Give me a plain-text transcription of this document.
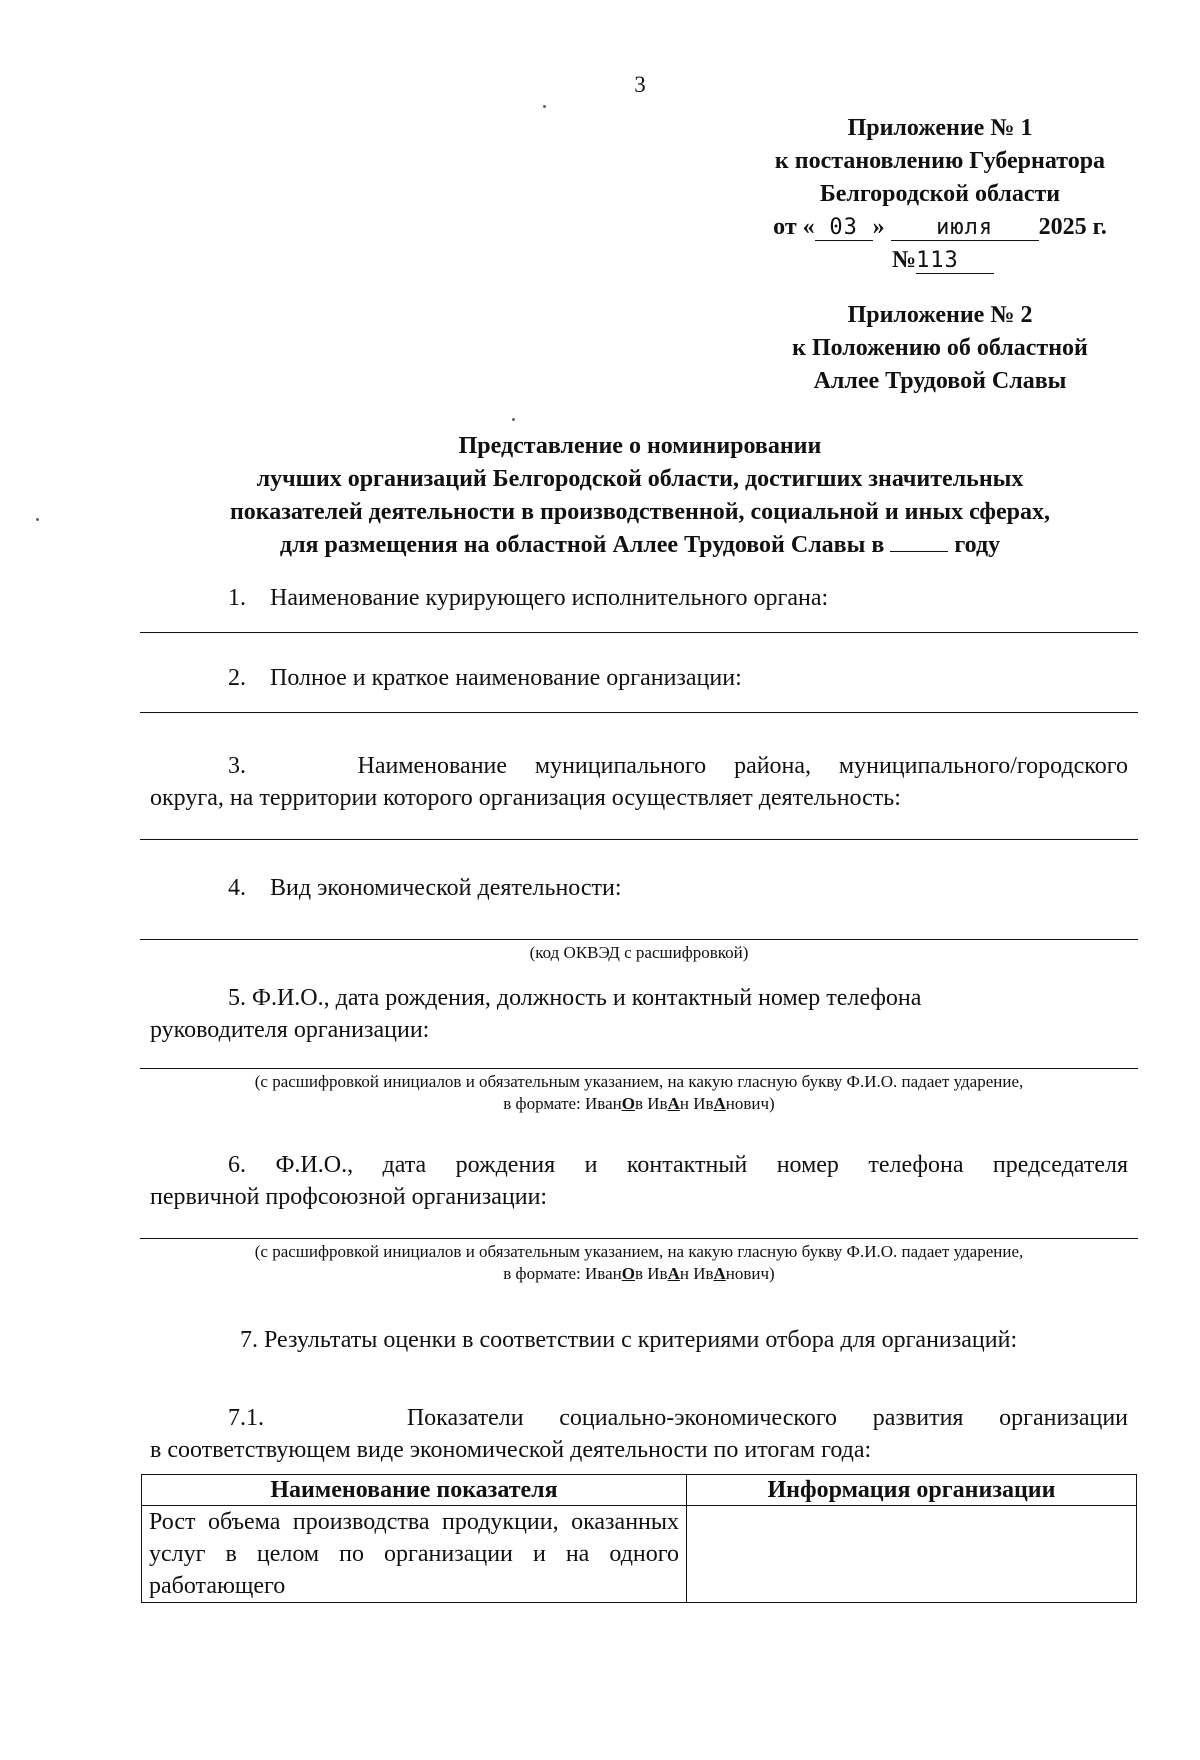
3
Приложение № 1
к постановлению Губернатора
Белгородской области
от « 03 » июля 2025 г.
№113
Приложение № 2
к Положению об областной
Аллее Трудовой Славы
Представление о номинировании
лучших организаций Белгородской области, достигших значительных
показателей деятельности в производственной, социальной и иных сферах,
для размещения на областной Аллее Трудовой Славы в	году
1.    Наименование курирующего исполнительного органа:
2.    Полное и краткое наименование организации:
3.    Наименование муниципального района, муниципального/городского
округа, на территории которого организация осуществляет деятельность:
4.    Вид экономической деятельности:
(код ОКВЭД с расшифровкой)
5. Ф.И.О., дата рождения, должность и контактный номер телефона
руководителя организации:
(с расшифровкой инициалов и обязательным указанием, на какую гласную букву Ф.И.О. падает ударение,
в формате: ИванОв ИвАн ИвАнович)
6. Ф.И.О., дата рождения и контактный номер телефона председателя
первичной профсоюзной организации:
(с расшифровкой инициалов и обязательным указанием, на какую гласную букву Ф.И.О. падает ударение,
в формате: ИванОв ИвАн ИвАнович)
7. Результаты оценки в соответствии с критериями отбора для организаций:
7.1.    Показатели социально-экономического развития организации
в соответствующем виде экономической деятельности по итогам года:
Наименование показателя	Информация организации
Рост объема производства продукции, оказанных услуг в целом по организации и на одного работающего	
